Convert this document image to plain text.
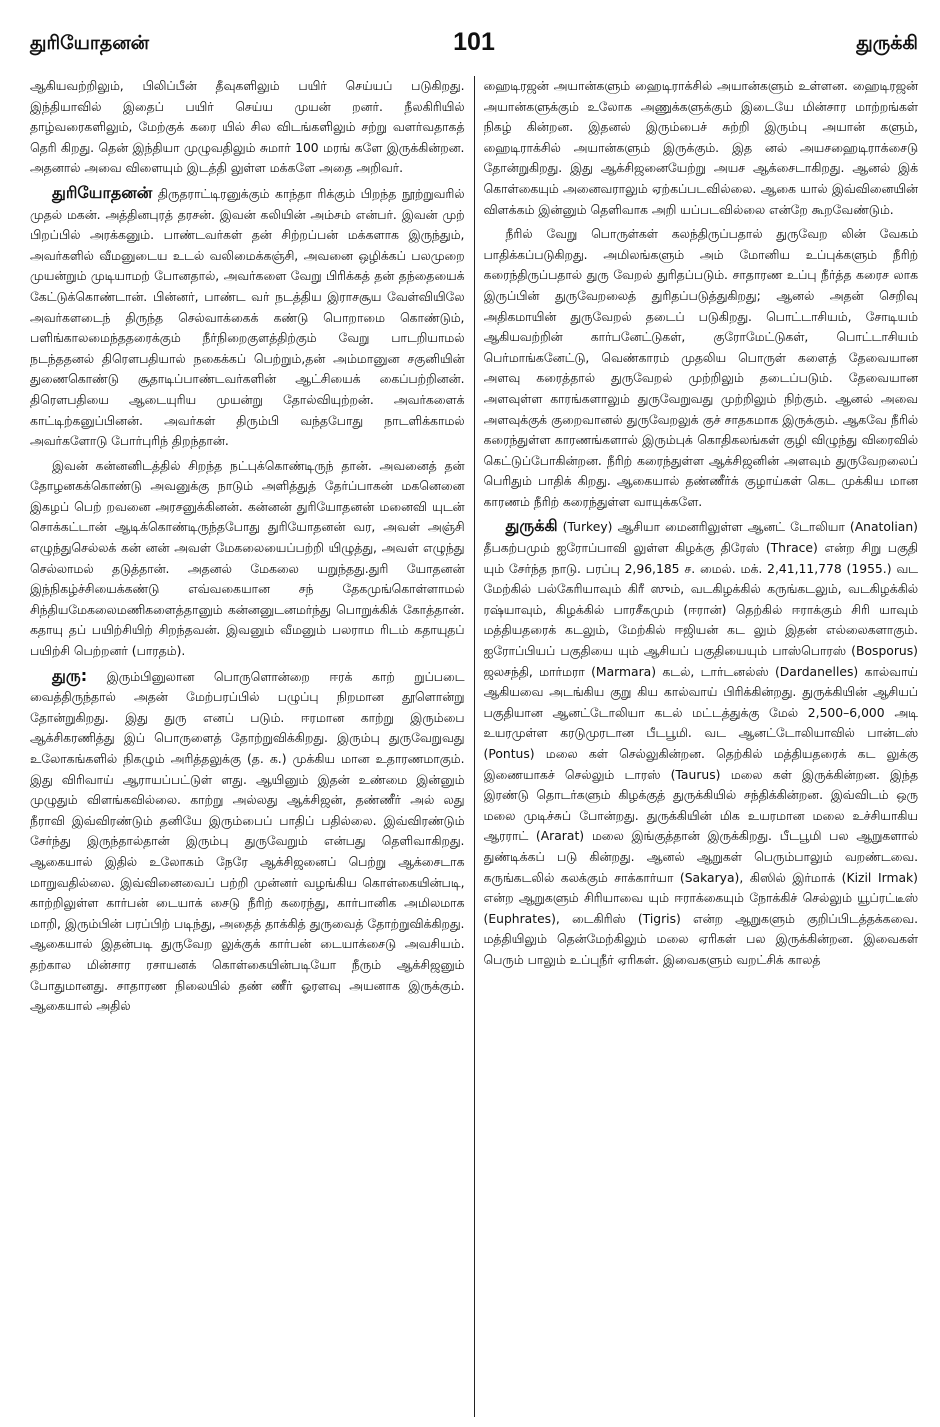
துரியோதனன்	101	துருக்கி

ஆகியவற்றிலும், பிலிப்பீன் தீவுகளிலும் பயிர் செய்யப் படுகிறது. இந்தியாவில் இதைப் பயிர் செய்ய முயன் றனர். நீலகிரியில் தாழ்வரைகளிலும், மேற்குக் கரை யில் சில விடங்களிலும் சற்று வளர்வதாகத் தெரி கிறது. தென் இந்தியா முழுவதிலும் சுமார் 100 மரங் களே இருக்கின்றன. அதனால் அவை விளையும் இடத்தி லுள்ள மக்களே அதை அறிவர்.

துரியோதனன் திருதராட்டிரனுக்கும் காந்தா ரிக்கும் பிறந்த நூற்றுவரில் முதல் மகன். அத்தினபுரத் தரசன். இவன் கலியின் அம்சம் என்பர். இவன் முற் பிறப்பில் அரக்கனும். பாண்டவர்கள் தன் சிற்றப்பன் மக்களாக இருந்தும், அவர்களில் வீமனுடைய உடல் வலிமைக்கஞ்சி, அவனை ஒழிக்கப் பலமுறை முயன்றும் முடியாமற் போனதால், அவர்களை வேறு பிரிக்கத் தன் தந்தையைக் கேட்டுக்கொண்டான். பின்னர், பாண்ட வர் நடத்திய இராசசூய வேள்வியிலே அவர்களடைந் திருந்த செல்வாக்கைக் கண்டு பொறாமை கொண்டும், பளிங்காலமைந்ததரைக்கும் நீர்நிறைகுளத்திற்கும் வேறு பாடறியாமல் நடந்ததனல் திரௌபதியால் நகைக்கப் பெற்றும்,தன் அம்மானுன சகுனியின் துணைகொண்டு சூதாடிப்பாண்டவர்களின் ஆட்சியைக் கைப்பற்றினன். திரௌபதியை ஆடையுரிய முயன்று தோல்வியுற்றன். அவர்களைக் காட்டிற்கனுப்பினன். அவர்கள் திரும்பி வந்தபோது நாடளிக்காமல் அவர்களோடு போர்புரிந் திறந்தான்.

இவன் கன்னனிடத்தில் சிறந்த நட்புக்கொண்டிருந் தான். அவனைத் தன் தோழனகக்கொண்டு அவனுக்கு நாடும் அளித்துத் தேர்ப்பாகன் மகனெனை இகழப் பெற் றவனை அரசனுக்கினன். கன்னன் துரியோதனன் மனைவி யுடன் சொக்கட்டான் ஆடிக்கொண்டிருந்தபோது துரியோதனன் வர, அவள் அஞ்சி எழுந்துசெல்லக் கன் னன் அவள் மேகலையைப்பற்றி யிழுத்து, அவள் எழுந்து செல்லாமல் தடுத்தான். அதனல் மேகலை யறுந்தது.துரி யோதனன் இந்நிகழ்ச்சியைக்கண்டு எவ்வகையான சந் தேகமுங்கொள்ளாமல் சிந்தியமேகலைமணிகளைத்தானும் கன்னனுடனமர்ந்து பொறுக்கிக் கோத்தான். கதாயு தப் பயிற்சியிற் சிறந்தவன். இவனும் வீமனும் பலராம ரிடம் கதாயுதப் பயிற்சி பெற்றனர் (பாரதம்).

துரு: இரும்பினுலான பொருளொன்றை ஈரக் காற் றுப்படை வைத்திருந்தால் அதன் மேற்பரப்பில் பழுப்பு நிறமான தூளொன்று தோன்றுகிறது. இது துரு எனப் படும். ஈரமான காற்று இரும்பை ஆக்சிகரணித்து இப் பொருளைத் தோற்றுவிக்கிறது. இரும்பு துருவேறுவது உலோகங்களில் நிகழும் அரித்தலுக்கு (த. க.) முக்கிய மான உதாரணமாகும். இது விரிவாய் ஆராயப்பட்டுள் ளது. ஆயினும் இதன் உண்மை இன்னும் முழுதும் விளங்கவில்லை. காற்று அல்லது ஆக்சிஜன், தண்ணீர் அல் லது நீராவி இவ்விரண்டும் தனியே இரும்பைப் பாதிப் பதில்லை. இவ்விரண்டும் சேர்ந்து இருந்தால்தான் இரும்பு துருவேறும் என்பது தெளிவாகிறது. ஆகையால் இதில் உலோகம் நேரே ஆக்சிஜனைப் பெற்று ஆக்சைடாக மாறுவதில்லை. இவ்வினைவைப் பற்றி முன்னர் வழங்கிய கொள்கையின்படி, காற்றிலுள்ள கார்பன் டையாக் சைடு நீரிற் கரைந்து, கார்பானிக அமிலமாக மாறி, இரும்பின் பரப்பிற் படிந்து, அதைத் தாக்கித் துருவைத் தோற்றுவிக்கிறது. ஆகையால் இதன்படி துருவேற லுக்குக் கார்பன் டையாக்சைடு அவசியம். தற்கால மின்சார ரசாயனக் கொள்கையின்படியோ நீரும் ஆக்சிஜனும் போதுமானது. சாதாரண நிலையில் தண் ணீர் ஓரளவு அயனாக இருக்கும். ஆகையால் அதில்

ஹைடிரஜன் அயான்களும் ஹைடிராக்சில் அயான்களும் உள்ளன. ஹைடிரஜன் அயான்களுக்கும் உலோக அணுக்களுக்கும் இடையே மின்சார மாற்றங்கள் நிகழ் கின்றன. இதனல் இரும்பைச் சுற்றி இரும்பு அயான் களும், ஹைடிராக்சில் அயான்களும் இருக்கும். இத னல் அயசஹைடிராக்சைடு தோன்றுகிறது. இது ஆக்சிஜனையேற்று அயச ஆக்சைடாகிறது. ஆனல் இக் கொள்கையும் அனைவராலும் ஏற்கப்படவில்லை. ஆகை யால் இவ்வினையின் விளக்கம் இன்னும் தெளிவாக அறி யப்படவில்லை என்றே கூறவேண்டும்.

நீரில் வேறு பொருள்கள் கலந்திருப்பதால் துருவேற லின் வேகம் பாதிக்கப்படுகிறது. அமிலங்களும் அம் மோனிய உப்புக்களும் நீரிற் கரைந்திருப்பதால் துரு வேறல் துரிதப்படும். சாதாரண உப்பு நீர்த்த கரைச லாக இருப்பின் துருவேறலைத் துரிதப்படுத்துகிறது; ஆனல் அதன் செறிவு அதிகமாயின் துருவேறல் தடைப் படுகிறது. பொட்டாசியம், சோடியம் ஆகியவற்றின் கார்பனேட்டுகள், குரோமேட்டுகள், பொட்டாசியம் பெர்மாங்கனேட்டு, வெண்காரம் முதலிய பொருள் களைத் தேவையான அளவு கரைத்தால் துருவேறல் முற்றிலும் தடைப்படும். தேவையான அளவுள்ள காரங்களாலும் துருவேறுவது முற்றிலும் நிற்கும். ஆனல் அவை அளவுக்குக் குறைவானல் துருவேறலுக் குச் சாதகமாக இருக்கும். ஆகவே நீரில் கரைந்துள்ள காரணங்களால் இரும்புக் கொதிகலங்கள் குழி விழுந்து விரைவில் கெட்டுப்போகின்றன. நீரிற் கரைந்துள்ள ஆக்சிஜனின் அளவும் துருவேறலைப் பெரிதும் பாதிக் கிறது. ஆகையால் தண்ணீர்க் குழாய்கள் கெட முக்கிய மான காரணம் நீரிற் கரைந்துள்ள வாயுக்களே.

துருக்கி (Turkey) ஆசியா மைனரிலுள்ள ஆனட் டோலியா (Anatolian) தீபகற்பமும் ஐரோப்பாவி லுள்ள கிழக்கு திரேஸ் (Thrace) என்ற சிறு பகுதி யும் சேர்ந்த நாடு. பரப்பு 2,96,185 ச. மைல். மக். 2,41,11,778 (1955.) வட மேற்கில் பல்கேரியாவும் கிரீ ஸும், வடகிழக்கில் கருங்கடலும், வடகிழக்கில் ரஷ்யாவும், கிழக்கில் பாரசீகமும் (ஈரான்) தெற்கில் ஈராக்கும் சிரி யாவும் மத்தியதரைக் கடலும், மேற்கில் ஈஜியன் கட லும் இதன் எல்லைகளாகும். ஐரோப்பியப் பகுதியை யும் ஆசியப் பகுதியையும் பாஸ்பொரஸ் (Bosporus) ஜலசந்தி, மார்மரா (Marmara) கடல், டார்டனல்ஸ் (Dardanelles) கால்வாய் ஆகியவை அடங்கிய குறு கிய கால்வாய் பிரிக்கின்றது. துருக்கியின் ஆசியப் பகுதியான ஆனட்டோலியா கடல் மட்டத்துக்கு மேல் 2,500–6,000 அடி உயரமுள்ள கரடுமுரடான பீடபூமி. வட ஆனட்டோலியாவில் பான்டஸ் (Pontus) மலை கள் செல்லுகின்றன. தெற்கில் மத்தியதரைக் கட லுக்கு இணையாகச் செல்லும் டாரஸ் (Taurus) மலை கள் இருக்கின்றன. இந்த இரண்டு தொடர்களும் கிழக்குத் துருக்கியில் சந்திக்கின்றன. இவ்விடம் ஒரு மலை முடிச்சுப் போன்றது. துருக்கியின் மிக உயரமான மலை உச்சியாகிய ஆரராட் (Ararat) மலை இங்குத்தான் இருக்கிறது. பீடபூமி பல ஆறுகளால் துண்டிக்கப் படு கின்றது. ஆனல் ஆறுகள் பெரும்பாலும் வறண்டவை. கருங்கடலில் கலக்கும் சாக்கார்யா (Sakarya), கிஸில் இர்மாக் (Kizil Irmak) என்ற ஆறுகளும் சிரியாவை யும் ஈராக்கையும் நோக்கிச் செல்லும் யூப்ரட்டீஸ் (Euphrates), டைகிரிஸ் (Tigris) என்ற ஆறுகளும் குறிப்பிடத்தக்கவை. மத்தியிலும் தென்மேற்கிலும் மலை ஏரிகள் பல இருக்கின்றன. இவைகள் பெரும் பாலும் உப்புநீர் ஏரிகள். இவைகளும் வறட்சிக் காலத்
